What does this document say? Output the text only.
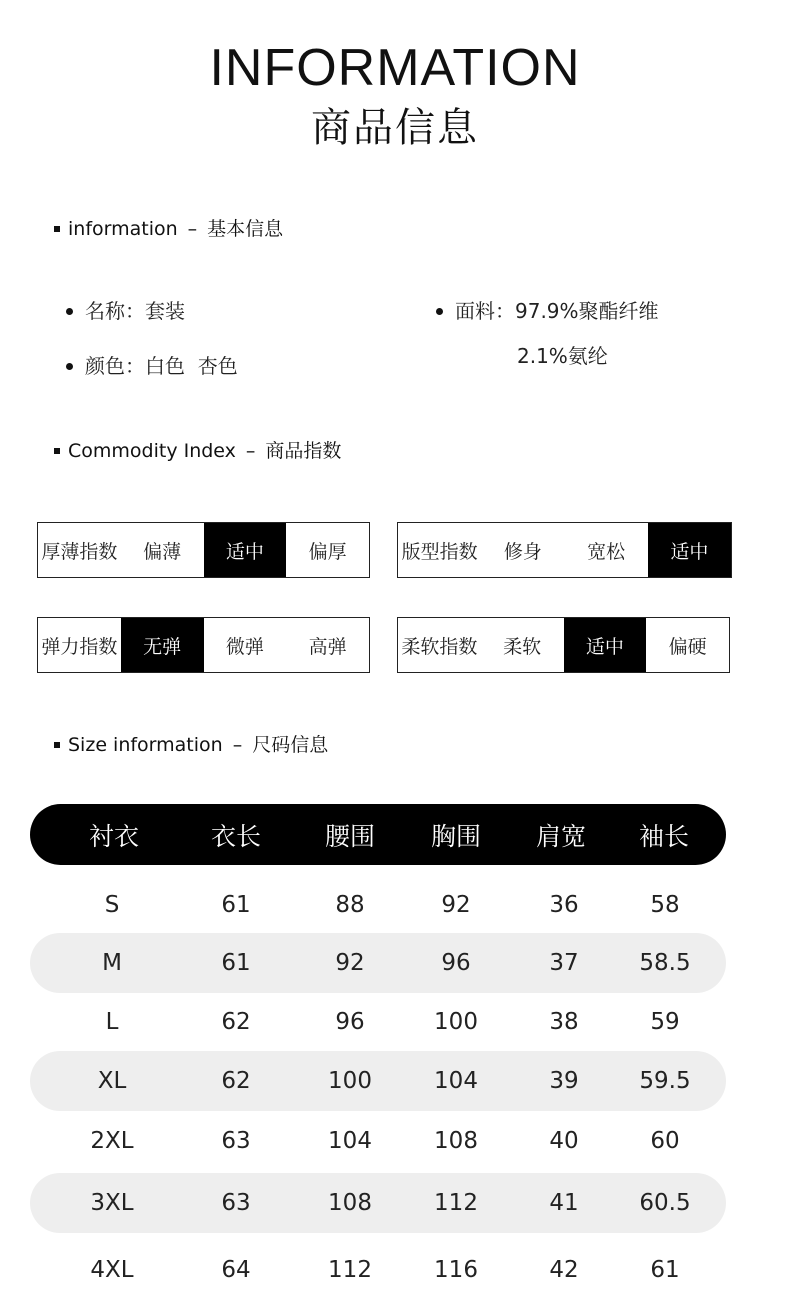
INFORMATION
商品信息
information – 基本信息
名称： 套装
颜色： 白色  杏色
面料： 97.9%聚酯纤维
2.1%氨纶
Commodity Index – 商品指数
厚薄指数	偏薄	适中	偏厚	版型指数	修身	宽松	适中
弹力指数	无弹	微弹	高弹	柔软指数	柔软	适中	偏硬
Size information – 尺码信息
衬衣	衣长	腰围 胸围 肩宽 袖长
S	61	88	92	36	58
M	61	92	96	37	58.5
L	62	96	100	38	59
XL	62	100	104	39	59.5
2XL	63	104	108	40	60
3XL	63	108	112	41	60.5
4XL	64	112	116	42	61
